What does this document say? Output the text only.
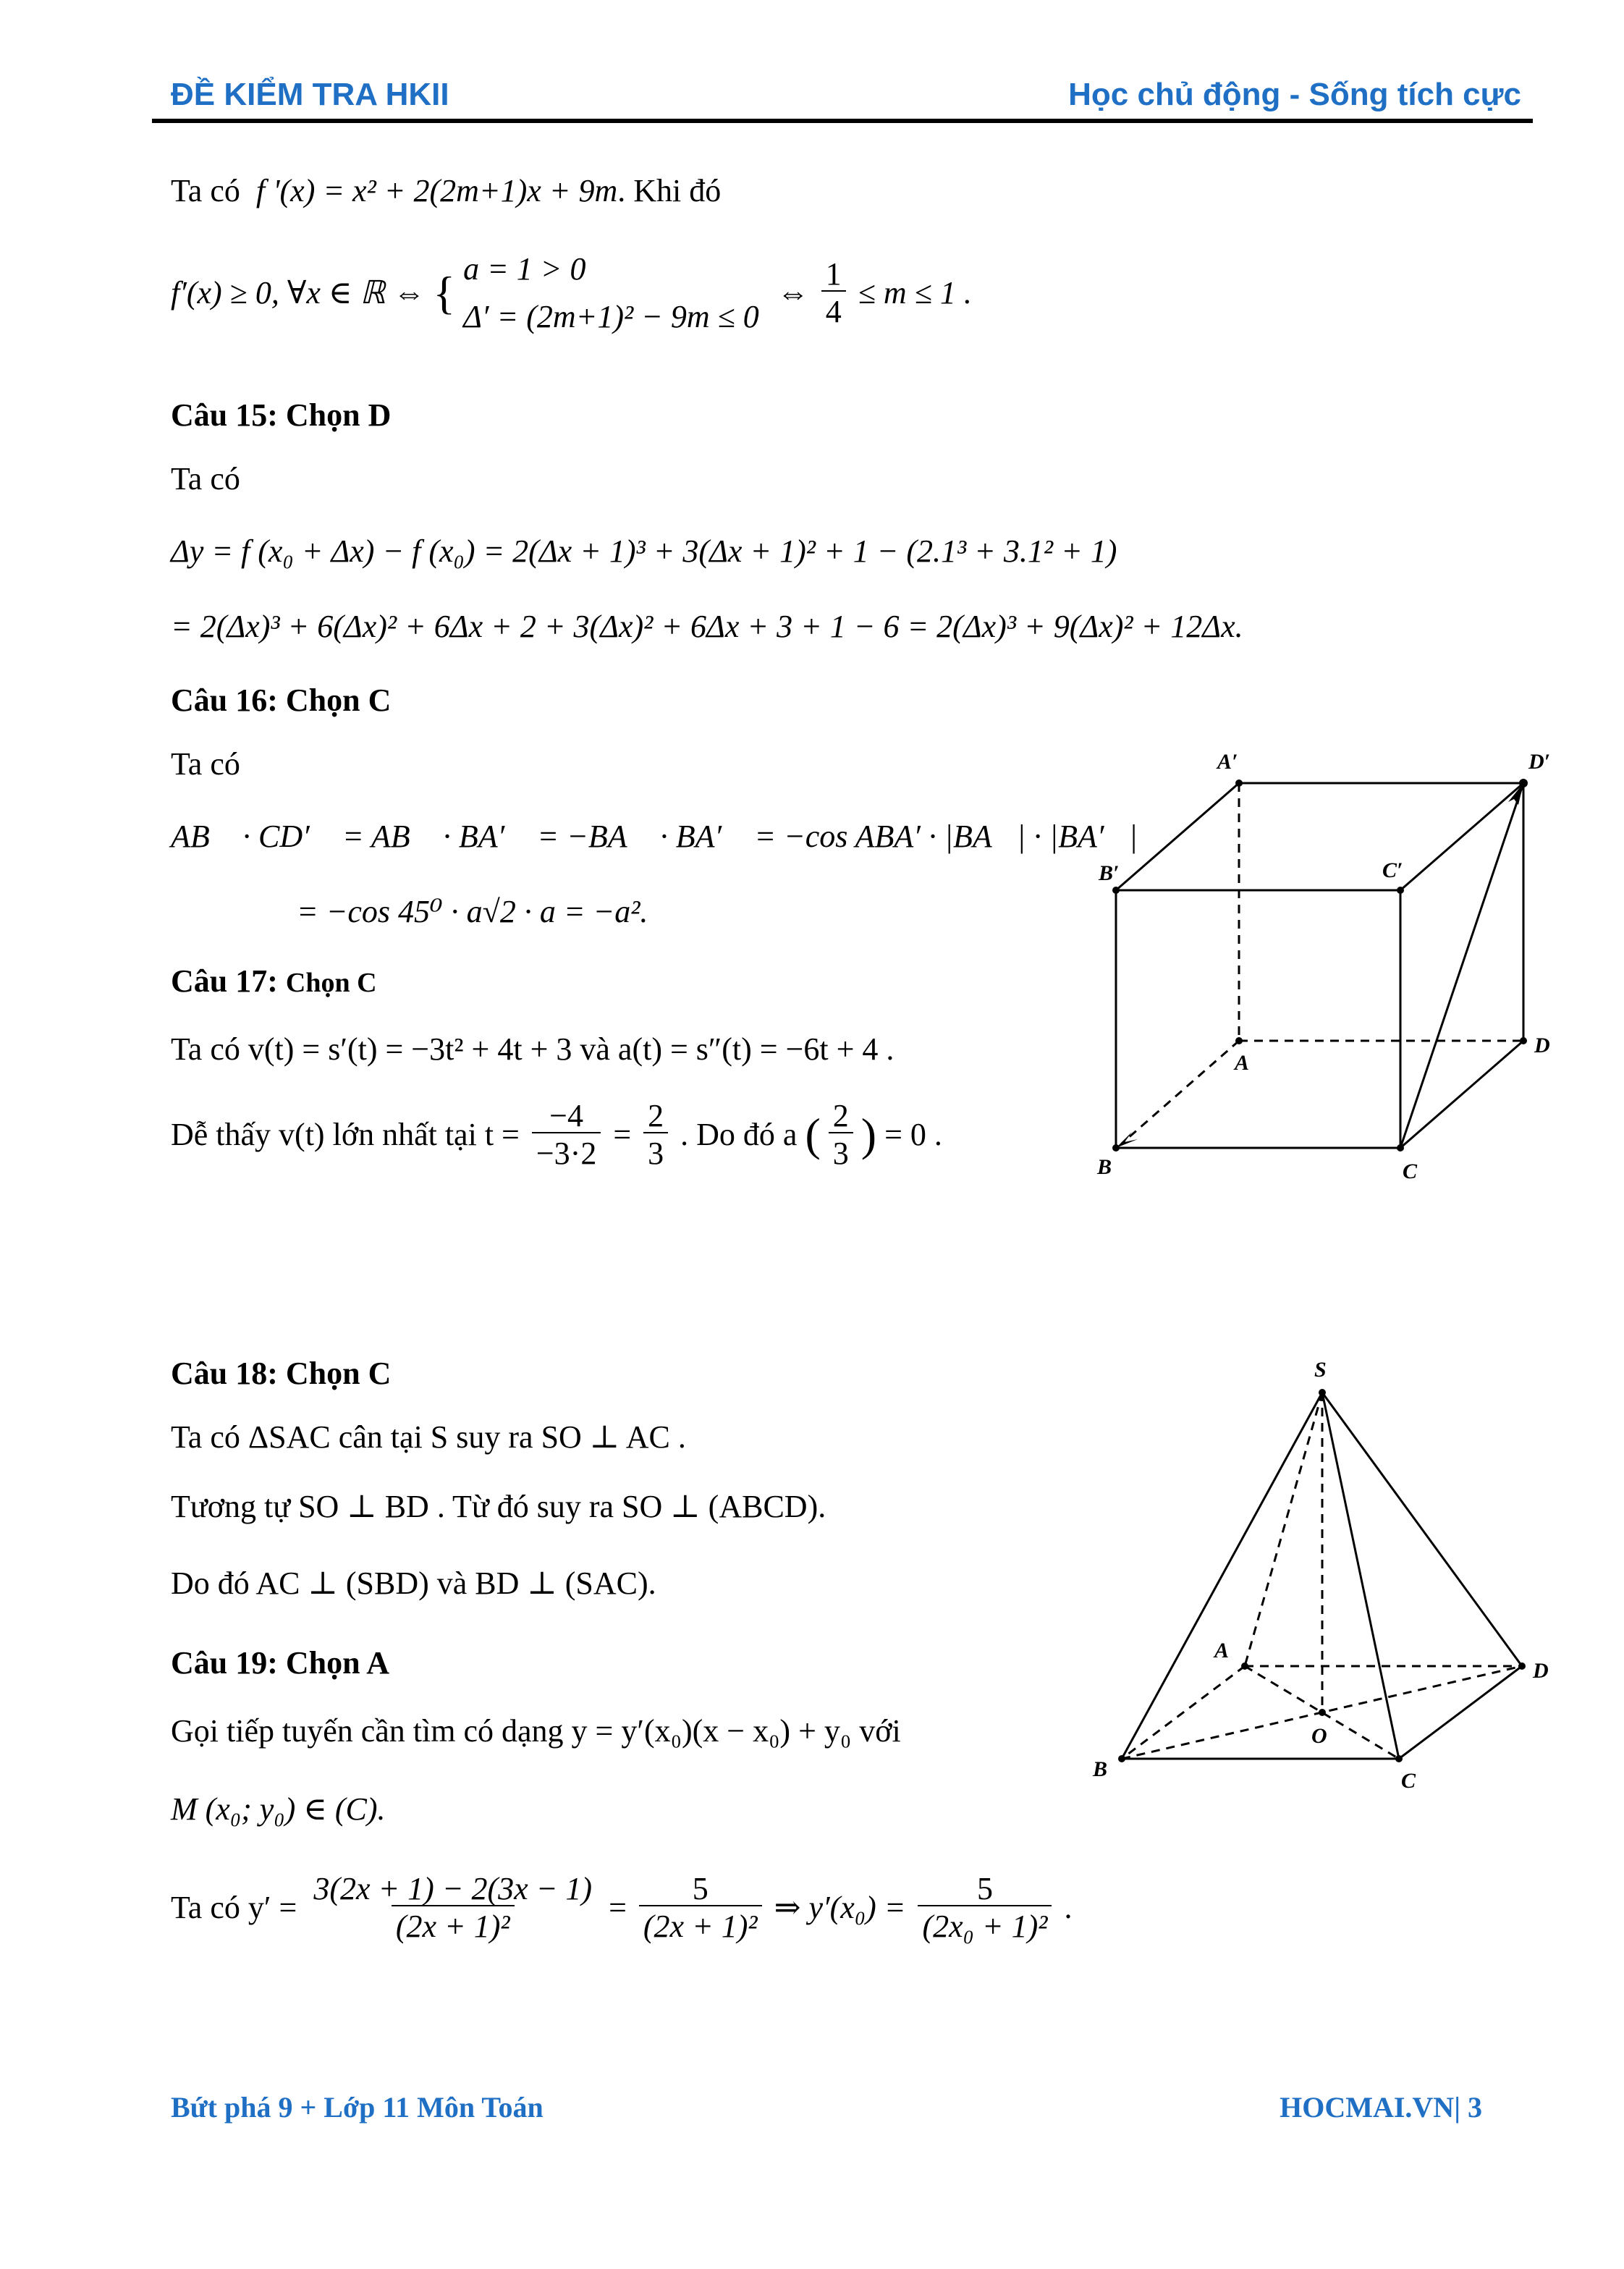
ĐỀ KIỂM TRA HKII	Học chủ động - Sống tích cực
Ta có f '(x) = x² + 2(2m+1)x + 9m. Khi đó
f′(x) ≥ 0, ∀x ∈ ℝ ⇔ { a = 1 > 0
Δ′ = (2m+1)² − 9m ≤ 0
⇔ $\frac{1}{4} \le m \le 1$ .
Câu 15: Chọn D
Ta có
Δy = f (x₀ + Δx) − f (x₀) = 2(Δx + 1)³ + 3(Δx + 1)² + 1 − (2.1³ + 3.1² + 1)
= 2(Δx)³ + 6(Δx)² + 6Δx + 2 + 3(Δx)² + 6Δx + 3 + 1 − 6 = 2(Δx)³ + 9(Δx)² + 12Δx.
Câu 16: Chọn C
Ta có
AB⃗ · CD′⃗ = AB⃗ · BA′⃗ = −BA⃗ · BA′⃗ = −cos ABA′ · |BA⃗| · |BA′⃗|
= −cos 45⁰ · a√2 · a = −a².
Câu 17: Chọn C
Ta có v(t) = s′(t) = −3t² + 4t + 3 và a(t) = s″(t) = −6t + 4 .
Dễ thấy v(t) lớn nhất tại $t = \frac{-4}{-3\cdot 2} = \frac{2}{3}$ . Do đó a ( $\frac{2}{3}$ ) = 0 .
A′	D′
B′	C′
A
D
B	C
Câu 18: Chọn C
Ta có ΔSAC cân tại S suy ra SO ⊥ AC .
Tương tự SO ⊥ BD . Từ đó suy ra SO ⊥ (ABCD).
Do đó AC ⊥ (SBD) và BD ⊥ (SAC).
Câu 19: Chọn A
Gọi tiếp tuyến cần tìm có dạng y = y′(x₀)(x − x₀) + y₀ với
M (x₀; y₀) ∈ (C).
Ta có $y' = \frac{3(2x + 1) - 2(3x - 1)}{\text{(2x + 1)²}} = \frac{5}{\text{(2x + 1)²}}$ ⇒ $y'(x_0) = \frac{5}{\text{(2x₀ + 1)²}}$ .
S
A
D
O
B	C
Bứt phá 9 + Lớp 11 Môn Toán	HOCMAI.VN| 3
